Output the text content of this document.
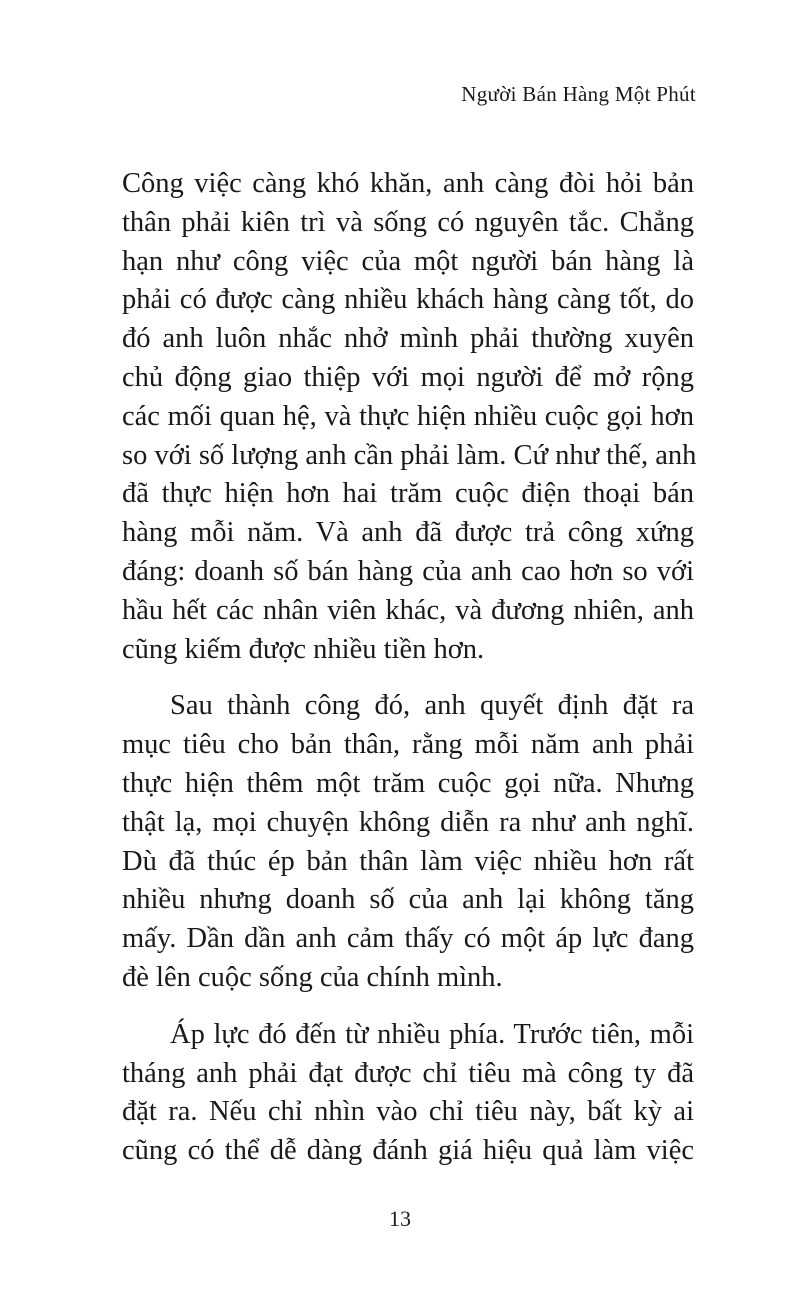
Người Bán Hàng Một Phút
Công việc càng khó khăn, anh càng đòi hỏi bản
thân phải kiên trì và sống có nguyên tắc. Chẳng
hạn như công việc của một người bán hàng là
phải có được càng nhiều khách hàng càng tốt, do
đó anh luôn nhắc nhở mình phải thường xuyên
chủ động giao thiệp với mọi người để mở rộng
các mối quan hệ, và thực hiện nhiều cuộc gọi hơn
so với số lượng anh cần phải làm. Cứ như thế, anh
đã thực hiện hơn hai trăm cuộc điện thoại bán
hàng mỗi năm. Và anh đã được trả công xứng
đáng: doanh số bán hàng của anh cao hơn so với
hầu hết các nhân viên khác, và đương nhiên, anh
cũng kiếm được nhiều tiền hơn.
Sau thành công đó, anh quyết định đặt ra
mục tiêu cho bản thân, rằng mỗi năm anh phải
thực hiện thêm một trăm cuộc gọi nữa. Nhưng
thật lạ, mọi chuyện không diễn ra như anh nghĩ.
Dù đã thúc ép bản thân làm việc nhiều hơn rất
nhiều nhưng doanh số của anh lại không tăng
mấy. Dần dần anh cảm thấy có một áp lực đang
đè lên cuộc sống của chính mình.
Áp lực đó đến từ nhiều phía. Trước tiên, mỗi
tháng anh phải đạt được chỉ tiêu mà công ty đã
đặt ra. Nếu chỉ nhìn vào chỉ tiêu này, bất kỳ ai
cũng có thể dễ dàng đánh giá hiệu quả làm việc
13
